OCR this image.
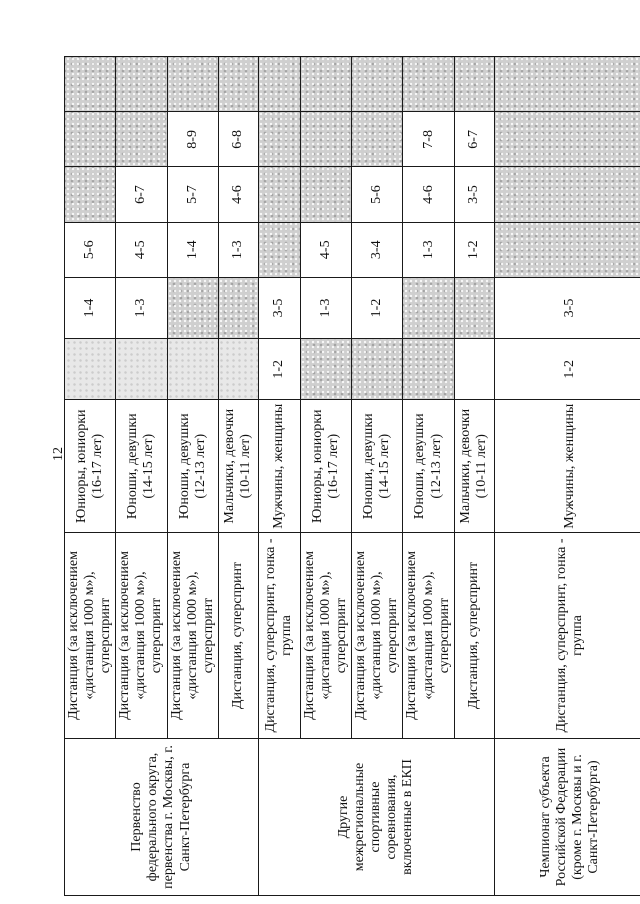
12
Первенство федерального округа, первенства г. Москвы, г. Санкт-Петербурга	Дистанция (за исключением «дистанция 1000 м»), суперспринт	Юниоры, юниорки (16-17 лет)		1-4	5-6			
	Дистанция (за исключением «дистанция 1000 м»), суперспринт	Юноши, девушки (14-15 лет)		1-3	4-5	6-7		
	Дистанция (за исключением «дистанция 1000 м»), суперспринт	Юноши, девушки (12-13 лет)			1-4	5-7	8-9	
	Дистанция, суперспринт	Мальчики, девочки (10-11 лет)			1-3	4-6	6-8	
Другие межрегиональные спортивные соревнования, включенные в ЕКП	Дистанция, суперспринт, гонка - группа	Мужчины, женщины	1-2	3-5				
	Дистанция (за исключением «дистанция 1000 м»), суперспринт	Юниоры, юниорки (16-17 лет)		1-3	4-5			
	Дистанция (за исключением «дистанция 1000 м»), суперспринт	Юноши, девушки (14-15 лет)		1-2	3-4	5-6		
	Дистанция (за исключением «дистанция 1000 м»), суперспринт	Юноши, девушки (12-13 лет)			1-3	4-6	7-8	
	Дистанция, суперспринт	Мальчики, девочки (10-11 лет)			1-2	3-5	6-7	
Чемпионат субъекта Российской Федерации (кроме г. Москвы и г. Санкт-Петербурга)	Дистанция, суперспринт, гонка - группа	Мужчины, женщины	1-2	3-5				
